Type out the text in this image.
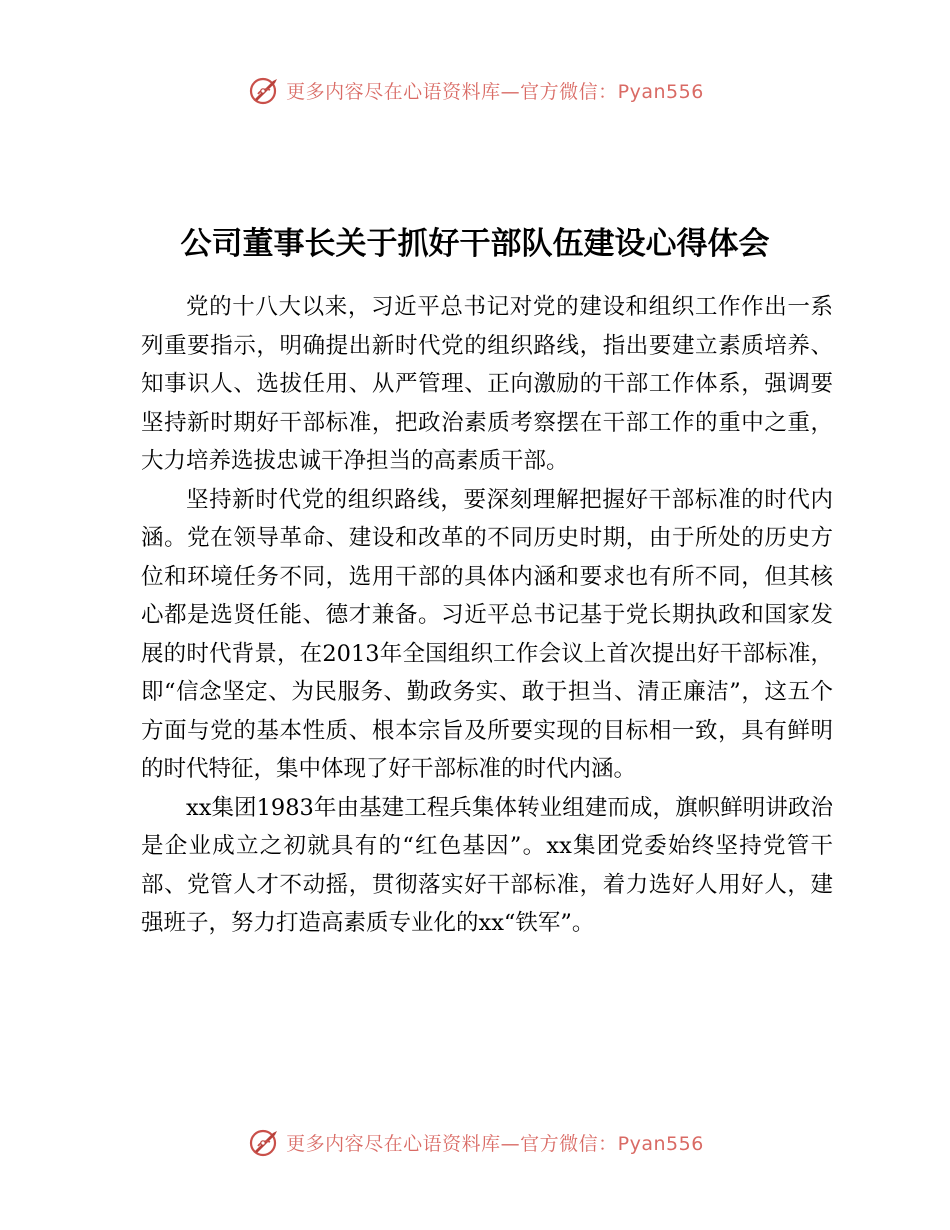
更多内容尽在心语资料库—官方微信：Pyan556
公司董事长关于抓好干部队伍建设心得体会

党的十八大以来，习近平总书记对党的建设和组织工作作出一系列重要指示，明确提出新时代党的组织路线，指出要建立素质培养、知事识人、选拔任用、从严管理、正向激励的干部工作体系，强调要坚持新时期好干部标准，把政治素质考察摆在干部工作的重中之重，大力培养选拔忠诚干净担当的高素质干部。

坚持新时代党的组织路线，要深刻理解把握好干部标准的时代内涵。党在领导革命、建设和改革的不同历史时期，由于所处的历史方位和环境任务不同，选用干部的具体内涵和要求也有所不同，但其核心都是选贤任能、德才兼备。习近平总书记基于党长期执政和国家发展的时代背景，在2013年全国组织工作会议上首次提出好干部标准，即“信念坚定、为民服务、勤政务实、敢于担当、清正廉洁”，这五个方面与党的基本性质、根本宗旨及所要实现的目标相一致，具有鲜明的时代特征，集中体现了好干部标准的时代内涵。

xx集团1983年由基建工程兵集体转业组建而成，旗帜鲜明讲政治是企业成立之初就具有的“红色基因”。xx集团党委始终坚持党管干部、党管人才不动摇，贯彻落实好干部标准，着力选好人用好人，建强班子，努力打造高素质专业化的xx“铁军”。

更多内容尽在心语资料库—官方微信：Pyan556
